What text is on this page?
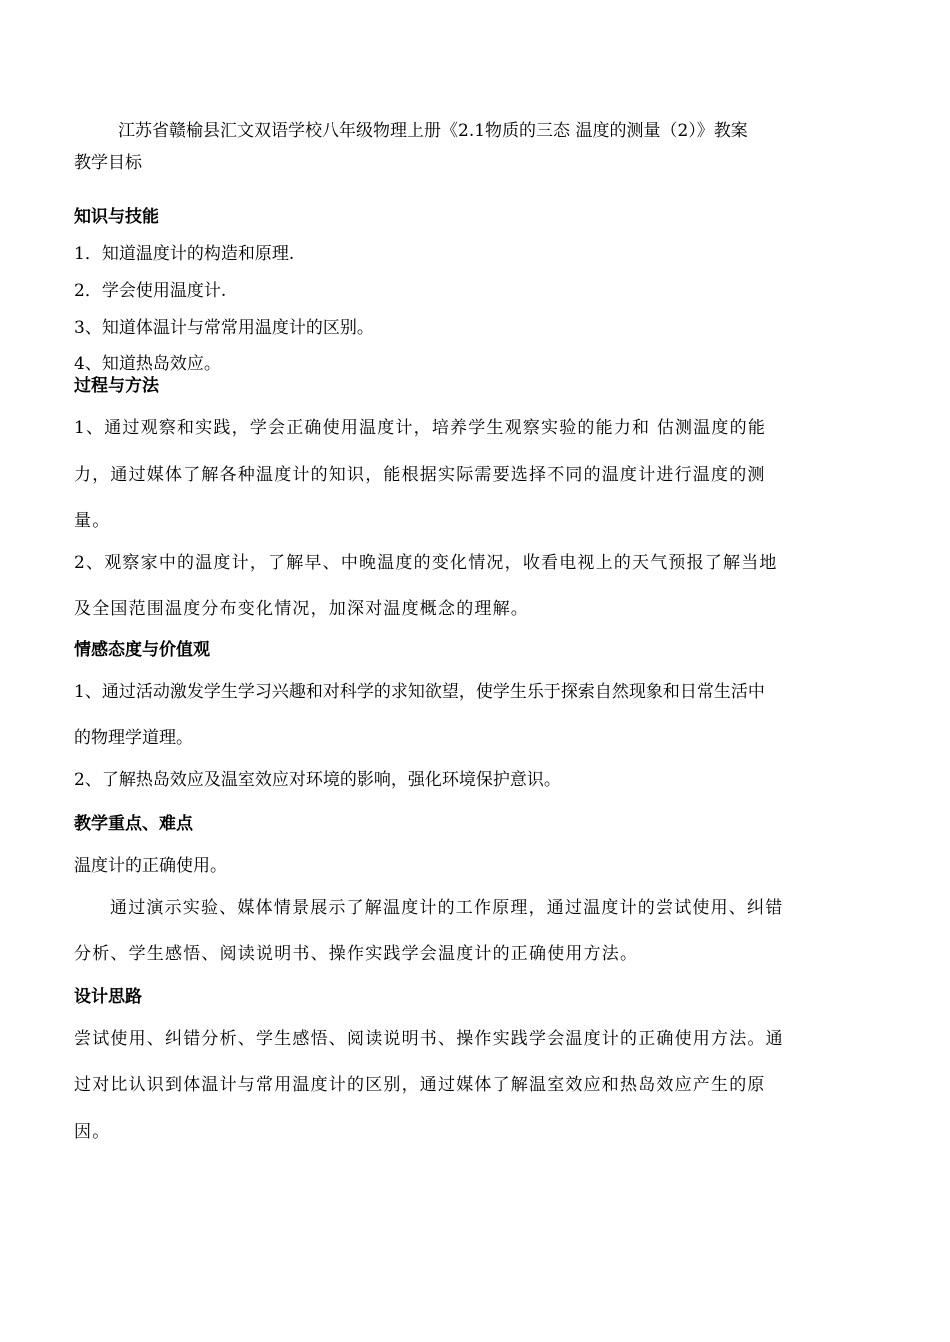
江苏省赣榆县汇文双语学校八年级物理上册《2.1物质的三态 温度的测量（2）》教案

教学目标

知识与技能

1．知道温度计的构造和原理.

2．学会使用温度计.

3、知道体温计与常常用温度计的区别。

4、知道热岛效应。

过程与方法

1、通过观察和实践，学会正确使用温度计，培养学生观察实验的能力和 估测温度的能

力，通过媒体了解各种温度计的知识，能根据实际需要选择不同的温度计进行温度的测

量。

2、观察家中的温度计，了解早、中晚温度的变化情况，收看电视上的天气预报了解当地

及全国范围温度分布变化情况，加深对温度概念的理解。

情感态度与价值观

1、通过活动激发学生学习兴趣和对科学的求知欲望，使学生乐于探索自然现象和日常生活中

的物理学道理。

2、了解热岛效应及温室效应对环境的影响，强化环境保护意识。

教学重点、难点

温度计的正确使用。

通过演示实验、媒体情景展示了解温度计的工作原理，通过温度计的尝试使用、纠错

分析、学生感悟、阅读说明书、操作实践学会温度计的正确使用方法。

设计思路

尝试使用、纠错分析、学生感悟、阅读说明书、操作实践学会温度计的正确使用方法。通

过对比认识到体温计与常用温度计的区别，通过媒体了解温室效应和热岛效应产生的原

因。
